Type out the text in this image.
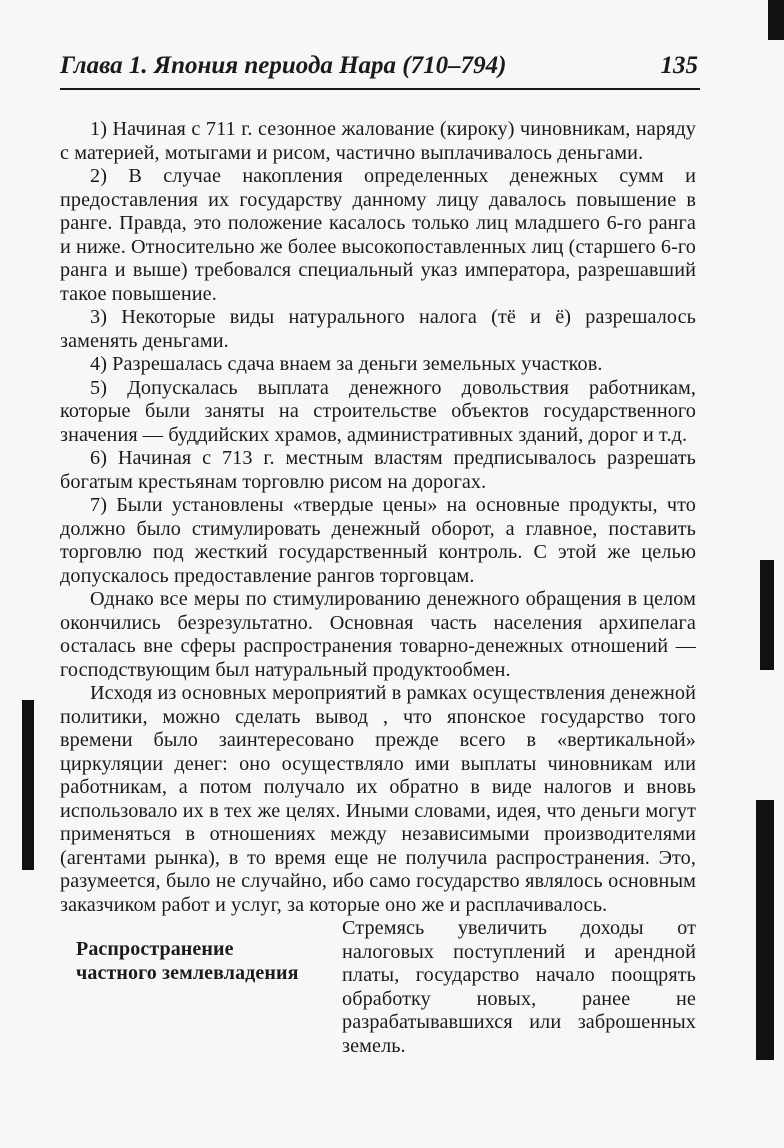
Глава 1. Япония периода Нара (710–794)	135

1) Начиная с 711 г. сезонное жалование (кироку) чиновникам, наряду с материей, мотыгами и рисом, частично выплачивалось деньгами.

2) В случае накопления определенных денежных сумм и предоставления их государству данному лицу давалось повышение в ранге. Правда, это положение касалось только лиц младшего 6-го ранга и ниже. Относительно же более высокопоставленных лиц (старшего 6-го ранга и выше) требовался специальный указ императора, разрешавший такое повышение.

3) Некоторые виды натурального налога (тё и ё) разрешалось заменять деньгами.

4) Разрешалась сдача внаем за деньги земельных участков.

5) Допускалась выплата денежного довольствия работникам, которые были заняты на строительстве объектов государственного значения — буддийских храмов, административных зданий, дорог и т.д.

6) Начиная с 713 г. местным властям предписывалось разрешать богатым крестьянам торговлю рисом на дорогах.

7) Были установлены «твердые цены» на основные продукты, что должно было стимулировать денежный оборот, а главное, поставить торговлю под жесткий государственный контроль. С этой же целью допускалось предоставление рангов торговцам.

Однако все меры по стимулированию денежного обращения в целом окончились безрезультатно. Основная часть населения архипелага осталась вне сферы распространения товарно-денежных отношений — господствующим был натуральный продуктообмен.

Исходя из основных мероприятий в рамках осуществления денежной политики, можно сделать вывод , что японское государство того времени было заинтересовано прежде всего в «вертикальной» циркуляции денег: оно осуществляло ими выплаты чиновникам или работникам, а потом получало их обратно в виде налогов и вновь использовало их в тех же целях. Иными словами, идея, что деньги могут применяться в отношениях между независимыми производителями (агентами рынка), в то время еще не получила распространения. Это, разумеется, было не случайно, ибо само государство являлось основным заказчиком работ и услуг, за которые оно же и расплачивалось.

Распространение частного землевладения
Стремясь увеличить доходы от налоговых поступлений и арендной платы, государство начало поощрять обработку новых, ранее не разрабатывавшихся или заброшенных земель.
